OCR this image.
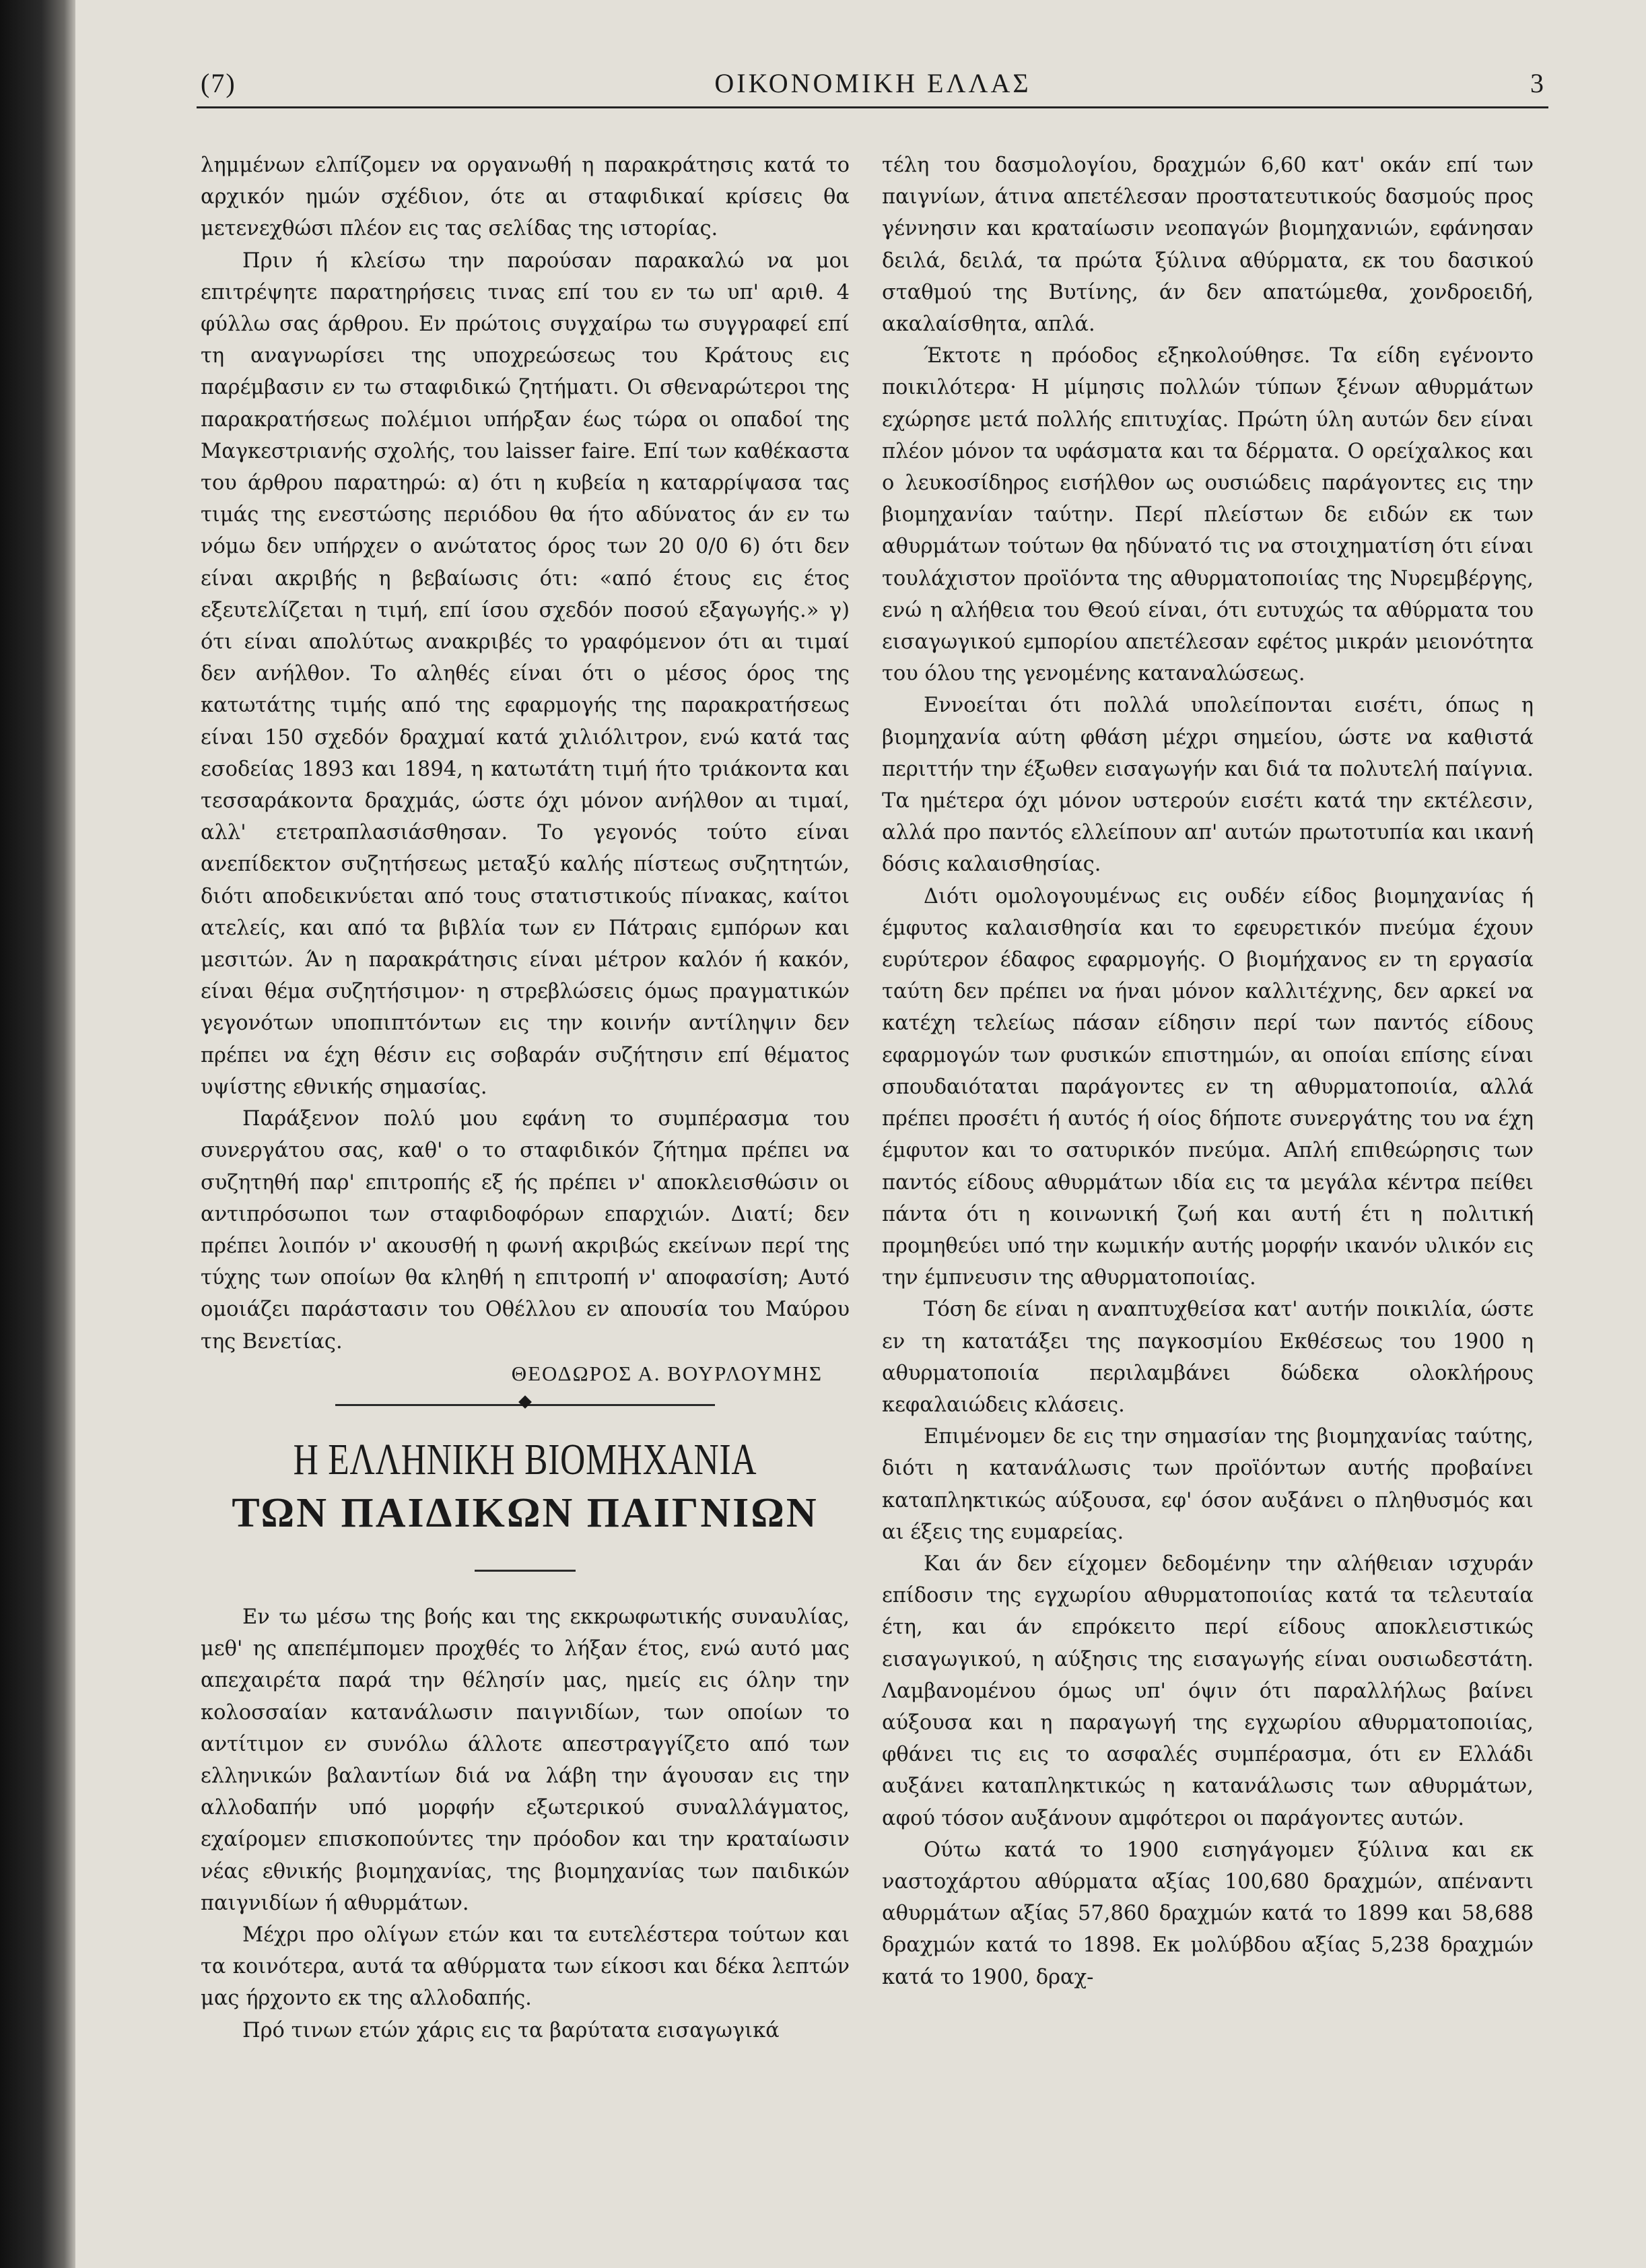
(7)	ΟΙΚΟΝΟΜΙΚΗ ΕΛΛΑΣ	3

λημμένων ελπίζομεν να οργανωθή η παρακράτησις κατά το αρχικόν ημών σχέδιον, ότε αι σταφιδικαί κρίσεις θα μετενεχθώσι πλέον εις τας σελίδας της ιστορίας.

Πριν ή κλείσω την παρούσαν παρακαλώ να μοι επιτρέψητε παρατηρήσεις τινας επί του εν τω υπ' αριθ. 4 φύλλω σας άρθρου. Εν πρώτοις συγχαίρω τω συγγραφεί επί τη αναγνωρίσει της υποχρεώσεως του Κράτους εις παρέμβασιν εν τω σταφιδικώ ζητήματι. Οι σθεναρώτεροι της παρακρατήσεως πολέμιοι υπήρξαν έως τώρα οι οπαδοί της Μαγκεστριανής σχολής, του laisser faire. Επί των καθέκαστα του άρθρου παρατηρώ: α) ότι η κυβεία η καταρρίψασα τας τιμάς της ενεστώσης περιόδου θα ήτο αδύνατος άν εν τω νόμω δεν υπήρχεν ο ανώτατος όρος των 20 0/0 6) ότι δεν είναι ακριβής η βεβαίωσις ότι: «από έτους εις έτος εξευτελίζεται η τιμή, επί ίσου σχεδόν ποσού εξαγωγής.» γ) ότι είναι απολύτως ανακριβές το γραφόμενον ότι αι τιμαί δεν ανήλθον. Το αληθές είναι ότι ο μέσος όρος της κατωτάτης τιμής από της εφαρμογής της παρακρατήσεως είναι 150 σχεδόν δραχμαί κατά χιλιόλιτρον, ενώ κατά τας εσοδείας 1893 και 1894, η κατωτάτη τιμή ήτο τριάκοντα και τεσσαράκοντα δραχμάς, ώστε όχι μόνον ανήλθον αι τιμαί, αλλ' ετετραπλασιάσθησαν. Το γεγονός τούτο είναι ανεπίδεκτον συζητήσεως μεταξύ καλής πίστεως συζητητών, διότι αποδεικνύεται από τους στατιστικούς πίνακας, καίτοι ατελείς, και από τα βιβλία των εν Πάτραις εμπόρων και μεσιτών. Άν η παρακράτησις είναι μέτρον καλόν ή κακόν, είναι θέμα συζητήσιμον· η στρεβλώσεις όμως πραγματικών γεγονότων υποπιπτόντων εις την κοινήν αντίληψιν δεν πρέπει να έχη θέσιν εις σοβαράν συζήτησιν επί θέματος υψίστης εθνικής σημασίας.

Παράξενον πολύ μου εφάνη το συμπέρασμα του συνεργάτου σας, καθ' ο το σταφιδικόν ζήτημα πρέπει να συζητηθή παρ' επιτροπής εξ ής πρέπει ν' αποκλεισθώσιν οι αντιπρόσωποι των σταφιδοφόρων επαρχιών. Διατί; δεν πρέπει λοιπόν ν' ακουσθή η φωνή ακριβώς εκείνων περί της τύχης των οποίων θα κληθή η επιτροπή ν' αποφασίση; Αυτό ομοιάζει παράστασιν του Οθέλλου εν απουσία του Μαύρου της Βενετίας.

ΘΕΟΔΩΡΟΣ Α. ΒΟΥΡΛΟΥΜΗΣ
Η ΕΛΛΗΝΙΚΗ ΒΙΟΜΗΧΑΝΙΑ
ΤΩΝ ΠΑΙΔΙΚΩΝ ΠΑΙΓΝΙΩΝ

Εν τω μέσω της βοής και της εκκρωφωτικής συναυλίας, μεθ' ης απεπέμπομεν προχθές το λήξαν έτος, ενώ αυτό μας απεχαιρέτα παρά την θέλησίν μας, ημείς εις όλην την κολοσσαίαν κατανάλωσιν παιγνιδίων, των οποίων το αντίτιμον εν συνόλω άλλοτε απεστραγγίζετο από των ελληνικών βαλαντίων διά να λάβη την άγουσαν εις την αλλοδαπήν υπό μορφήν εξωτερικού συναλλάγματος, εχαίρομεν επισκοπούντες την πρόοδον και την κραταίωσιν νέας εθνικής βιομηχανίας, της βιομηχανίας των παιδικών παιγνιδίων ή αθυρμάτων.

Μέχρι προ ολίγων ετών και τα ευτελέστερα τούτων και τα κοινότερα, αυτά τα αθύρματα των είκοσι και δέκα λεπτών μας ήρχοντο εκ της αλλοδαπής.

Πρό τινων ετών χάρις εις τα βαρύτατα εισαγωγικά

τέλη του δασμολογίου, δραχμών 6,60 κατ' οκάν επί των παιγνίων, άτινα απετέλεσαν προστατευτικούς δασμούς προς γέννησιν και κραταίωσιν νεοπαγών βιομηχανιών, εφάνησαν δειλά, δειλά, τα πρώτα ξύλινα αθύρματα, εκ του δασικού σταθμού της Βυτίνης, άν δεν απατώμεθα, χονδροειδή, ακαλαίσθητα, απλά.

Έκτοτε η πρόοδος εξηκολούθησε. Τα είδη εγένοντο ποικιλότερα· Η μίμησις πολλών τύπων ξένων αθυρμάτων εχώρησε μετά πολλής επιτυχίας. Πρώτη ύλη αυτών δεν είναι πλέον μόνον τα υφάσματα και τα δέρματα. Ο ορείχαλκος και ο λευκοσίδηρος εισήλθον ως ουσιώδεις παράγοντες εις την βιομηχανίαν ταύτην. Περί πλείστων δε ειδών εκ των αθυρμάτων τούτων θα ηδύνατό τις να στοιχηματίση ότι είναι τουλάχιστον προϊόντα της αθυρματοποιίας της Νυρεμβέργης, ενώ η αλήθεια του Θεού είναι, ότι ευτυχώς τα αθύρματα του εισαγωγικού εμπορίου απετέλεσαν εφέτος μικράν μειονότητα του όλου της γενομένης καταναλώσεως.

Εννοείται ότι πολλά υπολείπονται εισέτι, όπως η βιομηχανία αύτη φθάση μέχρι σημείου, ώστε να καθιστά περιττήν την έξωθεν εισαγωγήν και διά τα πολυτελή παίγνια. Τα ημέτερα όχι μόνον υστερούν εισέτι κατά την εκτέλεσιν, αλλά προ παντός ελλείπουν απ' αυτών πρωτοτυπία και ικανή δόσις καλαισθησίας.

Διότι ομολογουμένως εις ουδέν είδος βιομηχανίας ή έμφυτος καλαισθησία και το εφευρετικόν πνεύμα έχουν ευρύτερον έδαφος εφαρμογής. Ο βιομήχανος εν τη εργασία ταύτη δεν πρέπει να ήναι μόνον καλλιτέχνης, δεν αρκεί να κατέχη τελείως πάσαν είδησιν περί των παντός είδους εφαρμογών των φυσικών επιστημών, αι οποίαι επίσης είναι σπουδαιόταται παράγοντες εν τη αθυρματοποιία, αλλά πρέπει προσέτι ή αυτός ή οίος δήποτε συνεργάτης του να έχη έμφυτον και το σατυρικόν πνεύμα. Απλή επιθεώρησις των παντός είδους αθυρμάτων ιδία εις τα μεγάλα κέντρα πείθει πάντα ότι η κοινωνική ζωή και αυτή έτι η πολιτική προμηθεύει υπό την κωμικήν αυτής μορφήν ικανόν υλικόν εις την έμπνευσιν της αθυρματοποιίας.

Τόση δε είναι η αναπτυχθείσα κατ' αυτήν ποικιλία, ώστε εν τη κατατάξει της παγκοσμίου Εκθέσεως του 1900 η αθυρματοποιία περιλαμβάνει δώδεκα ολοκλήρους κεφαλαιώδεις κλάσεις.

Επιμένομεν δε εις την σημασίαν της βιομηχανίας ταύτης, διότι η κατανάλωσις των προϊόντων αυτής προβαίνει καταπληκτικώς αύξουσα, εφ' όσον αυξάνει ο πληθυσμός και αι έξεις της ευμαρείας.

Και άν δεν είχομεν δεδομένην την αλήθειαν ισχυράν επίδοσιν της εγχωρίου αθυρματοποιίας κατά τα τελευταία έτη, και άν επρόκειτο περί είδους αποκλειστικώς εισαγωγικού, η αύξησις της εισαγωγής είναι ουσιωδεστάτη. Λαμβανομένου όμως υπ' όψιν ότι παραλλήλως βαίνει αύξουσα και η παραγωγή της εγχωρίου αθυρματοποιίας, φθάνει τις εις το ασφαλές συμπέρασμα, ότι εν Ελλάδι αυξάνει καταπληκτικώς η κατανάλωσις των αθυρμάτων, αφού τόσον αυξάνουν αμφότεροι οι παράγοντες αυτών.

Ούτω κατά το 1900 εισηγάγομεν ξύλινα και εκ ναστοχάρτου αθύρματα αξίας 100,680 δραχμών, απέναντι αθυρμάτων αξίας 57,860 δραχμών κατά το 1899 και 58,688 δραχμών κατά το 1898. Εκ μολύβδου αξίας 5,238 δραχμών κατά το 1900, δραχ-
